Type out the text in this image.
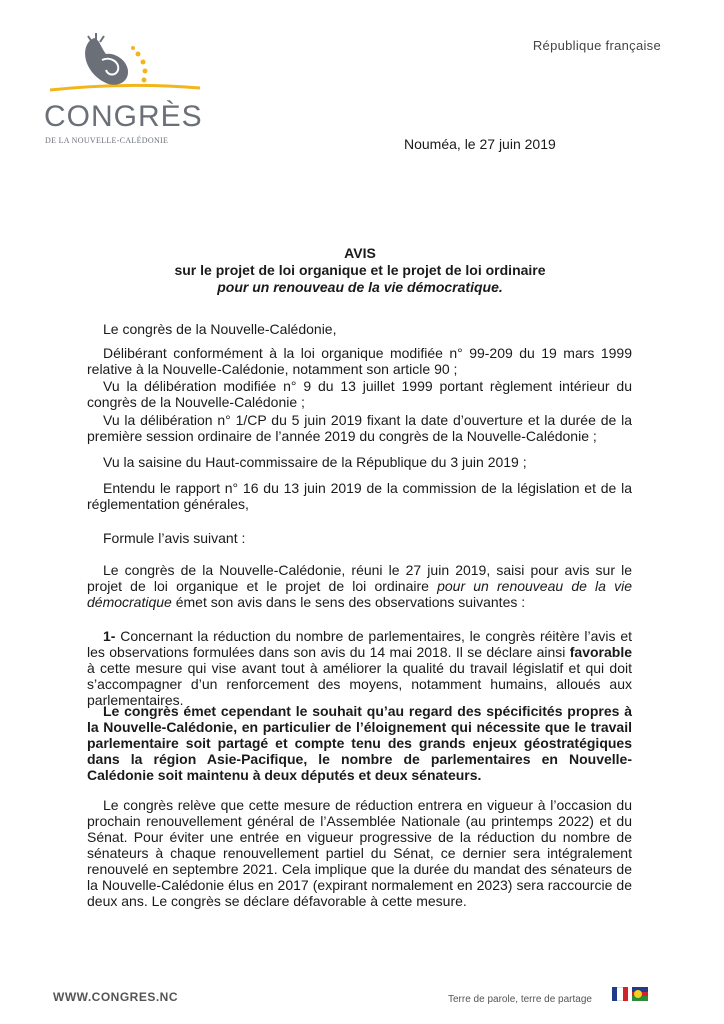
CONGRÈS
DE LA NOUVELLE-CALÉDONIE
République française
Nouméa, le 27 juin 2019
AVIS
sur le projet de loi organique et le projet de loi ordinaire
pour un renouveau de la vie démocratique.

Le congrès de la Nouvelle-Calédonie,

Délibérant conformément à la loi organique modifiée n° 99-209 du 19 mars 1999 relative à la Nouvelle-Calédonie, notamment son article 90 ;

Vu la délibération modifiée n° 9 du 13 juillet 1999 portant règlement intérieur du congrès de la Nouvelle-Calédonie ;

Vu la délibération n° 1/CP du 5 juin 2019 fixant la date d’ouverture et la durée de la première session ordinaire de l’année 2019 du congrès de la Nouvelle-Calédonie ;

Vu la saisine du Haut-commissaire de la République du 3 juin 2019 ;

Entendu le rapport n° 16 du 13 juin 2019 de la commission de la législation et de la réglementation générales,

Formule l’avis suivant :

Le congrès de la Nouvelle-Calédonie, réuni le 27 juin 2019, saisi pour avis sur le projet de loi organique et le projet de loi ordinaire pour un renouveau de la vie démocratique émet son avis dans le sens des observations suivantes :

1- Concernant la réduction du nombre de parlementaires, le congrès réitère l’avis et les observations formulées dans son avis du 14 mai 2018. Il se déclare ainsi favorable à cette mesure qui vise avant tout à améliorer la qualité du travail législatif et qui doit s’accompagner d’un renforcement des moyens, notamment humains, alloués aux parlementaires.

Le congrès émet cependant le souhait qu’au regard des spécificités propres à la Nouvelle-Calédonie, en particulier de l’éloignement qui nécessite que le travail parlementaire soit partagé et compte tenu des grands enjeux géostratégiques dans la région Asie-Pacifique, le nombre de parlementaires en Nouvelle-Calédonie soit maintenu à deux députés et deux sénateurs.

Le congrès relève que cette mesure de réduction entrera en vigueur à l’occasion du prochain renouvellement général de l’Assemblée Nationale (au printemps 2022) et du Sénat. Pour éviter une entrée en vigueur progressive de la réduction du nombre de sénateurs à chaque renouvellement partiel du Sénat, ce dernier sera intégralement renouvelé en septembre 2021. Cela implique que la durée du mandat des sénateurs de la Nouvelle-Calédonie élus en 2017 (expirant normalement en 2023) sera raccourcie de deux ans. Le congrès se déclare défavorable à cette mesure.

WWW.CONGRES.NC	Terre de parole, terre de partage
